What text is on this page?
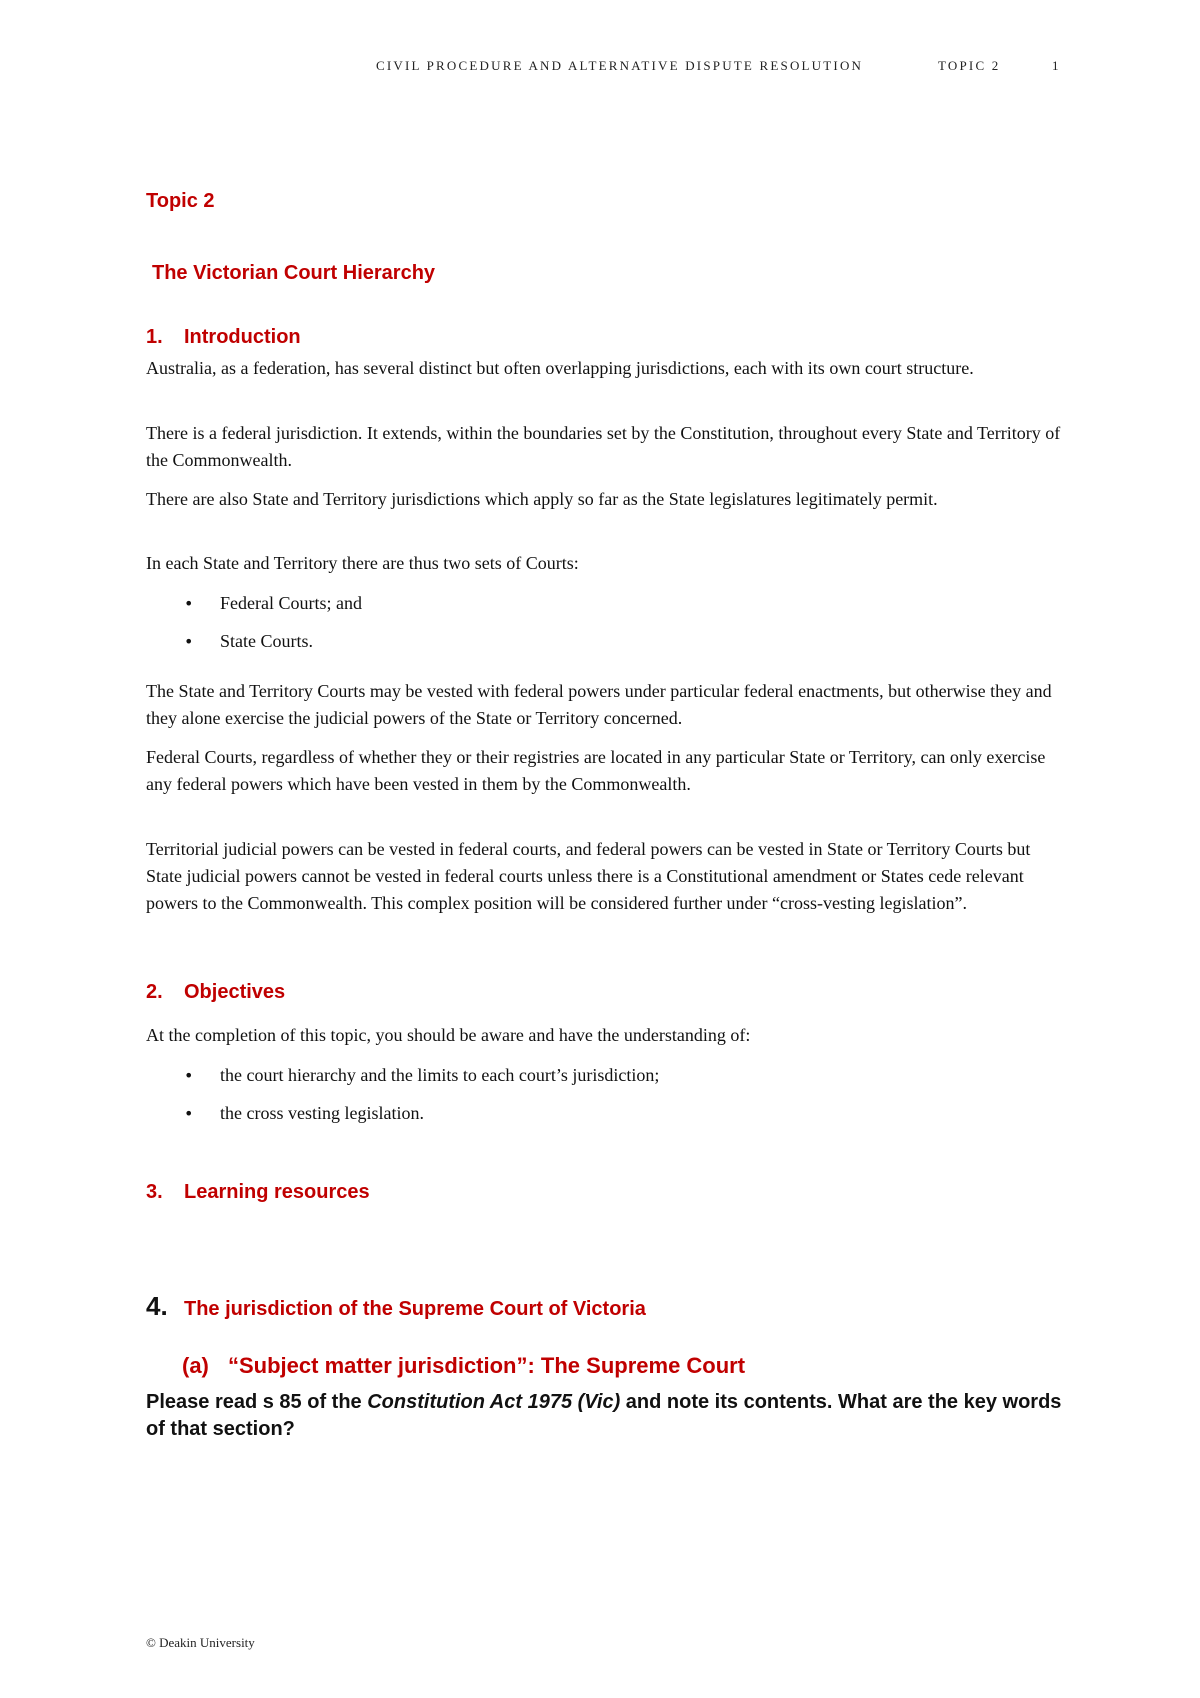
CIVIL PROCEDURE AND ALTERNATIVE DISPUTE RESOLUTION	TOPIC 2	1
Topic 2
The Victorian Court Hierarchy
1. Introduction

Australia, as a federation, has several distinct but often overlapping jurisdictions, each with its own court structure.

There is a federal jurisdiction. It extends, within the boundaries set by the Constitution, throughout every State and Territory of the Commonwealth.

There are also State and Territory jurisdictions which apply so far as the State legislatures legitimately permit.

In each State and Territory there are thus two sets of Courts:

• Federal Courts; and
• State Courts.

The State and Territory Courts may be vested with federal powers under particular federal enactments, but otherwise they and they alone exercise the judicial powers of the State or Territory concerned.

Federal Courts, regardless of whether they or their registries are located in any particular State or Territory, can only exercise any federal powers which have been vested in them by the Commonwealth.

Territorial judicial powers can be vested in federal courts, and federal powers can be vested in State or Territory Courts but State judicial powers cannot be vested in federal courts unless there is a Constitutional amendment or States cede relevant powers to the Commonwealth. This complex position will be considered further under “cross-vesting legislation”.

2. Objectives

At the completion of this topic, you should be aware and have the understanding of:

• the court hierarchy and the limits to each court’s jurisdiction;
• the cross vesting legislation.
3. Learning resources
4. The jurisdiction of the Supreme Court of Victoria
(a) “Subject matter jurisdiction”: The Supreme Court

Please read s 85 of the Constitution Act 1975 (Vic) and note its contents. What are the key words of that section?

© Deakin University
